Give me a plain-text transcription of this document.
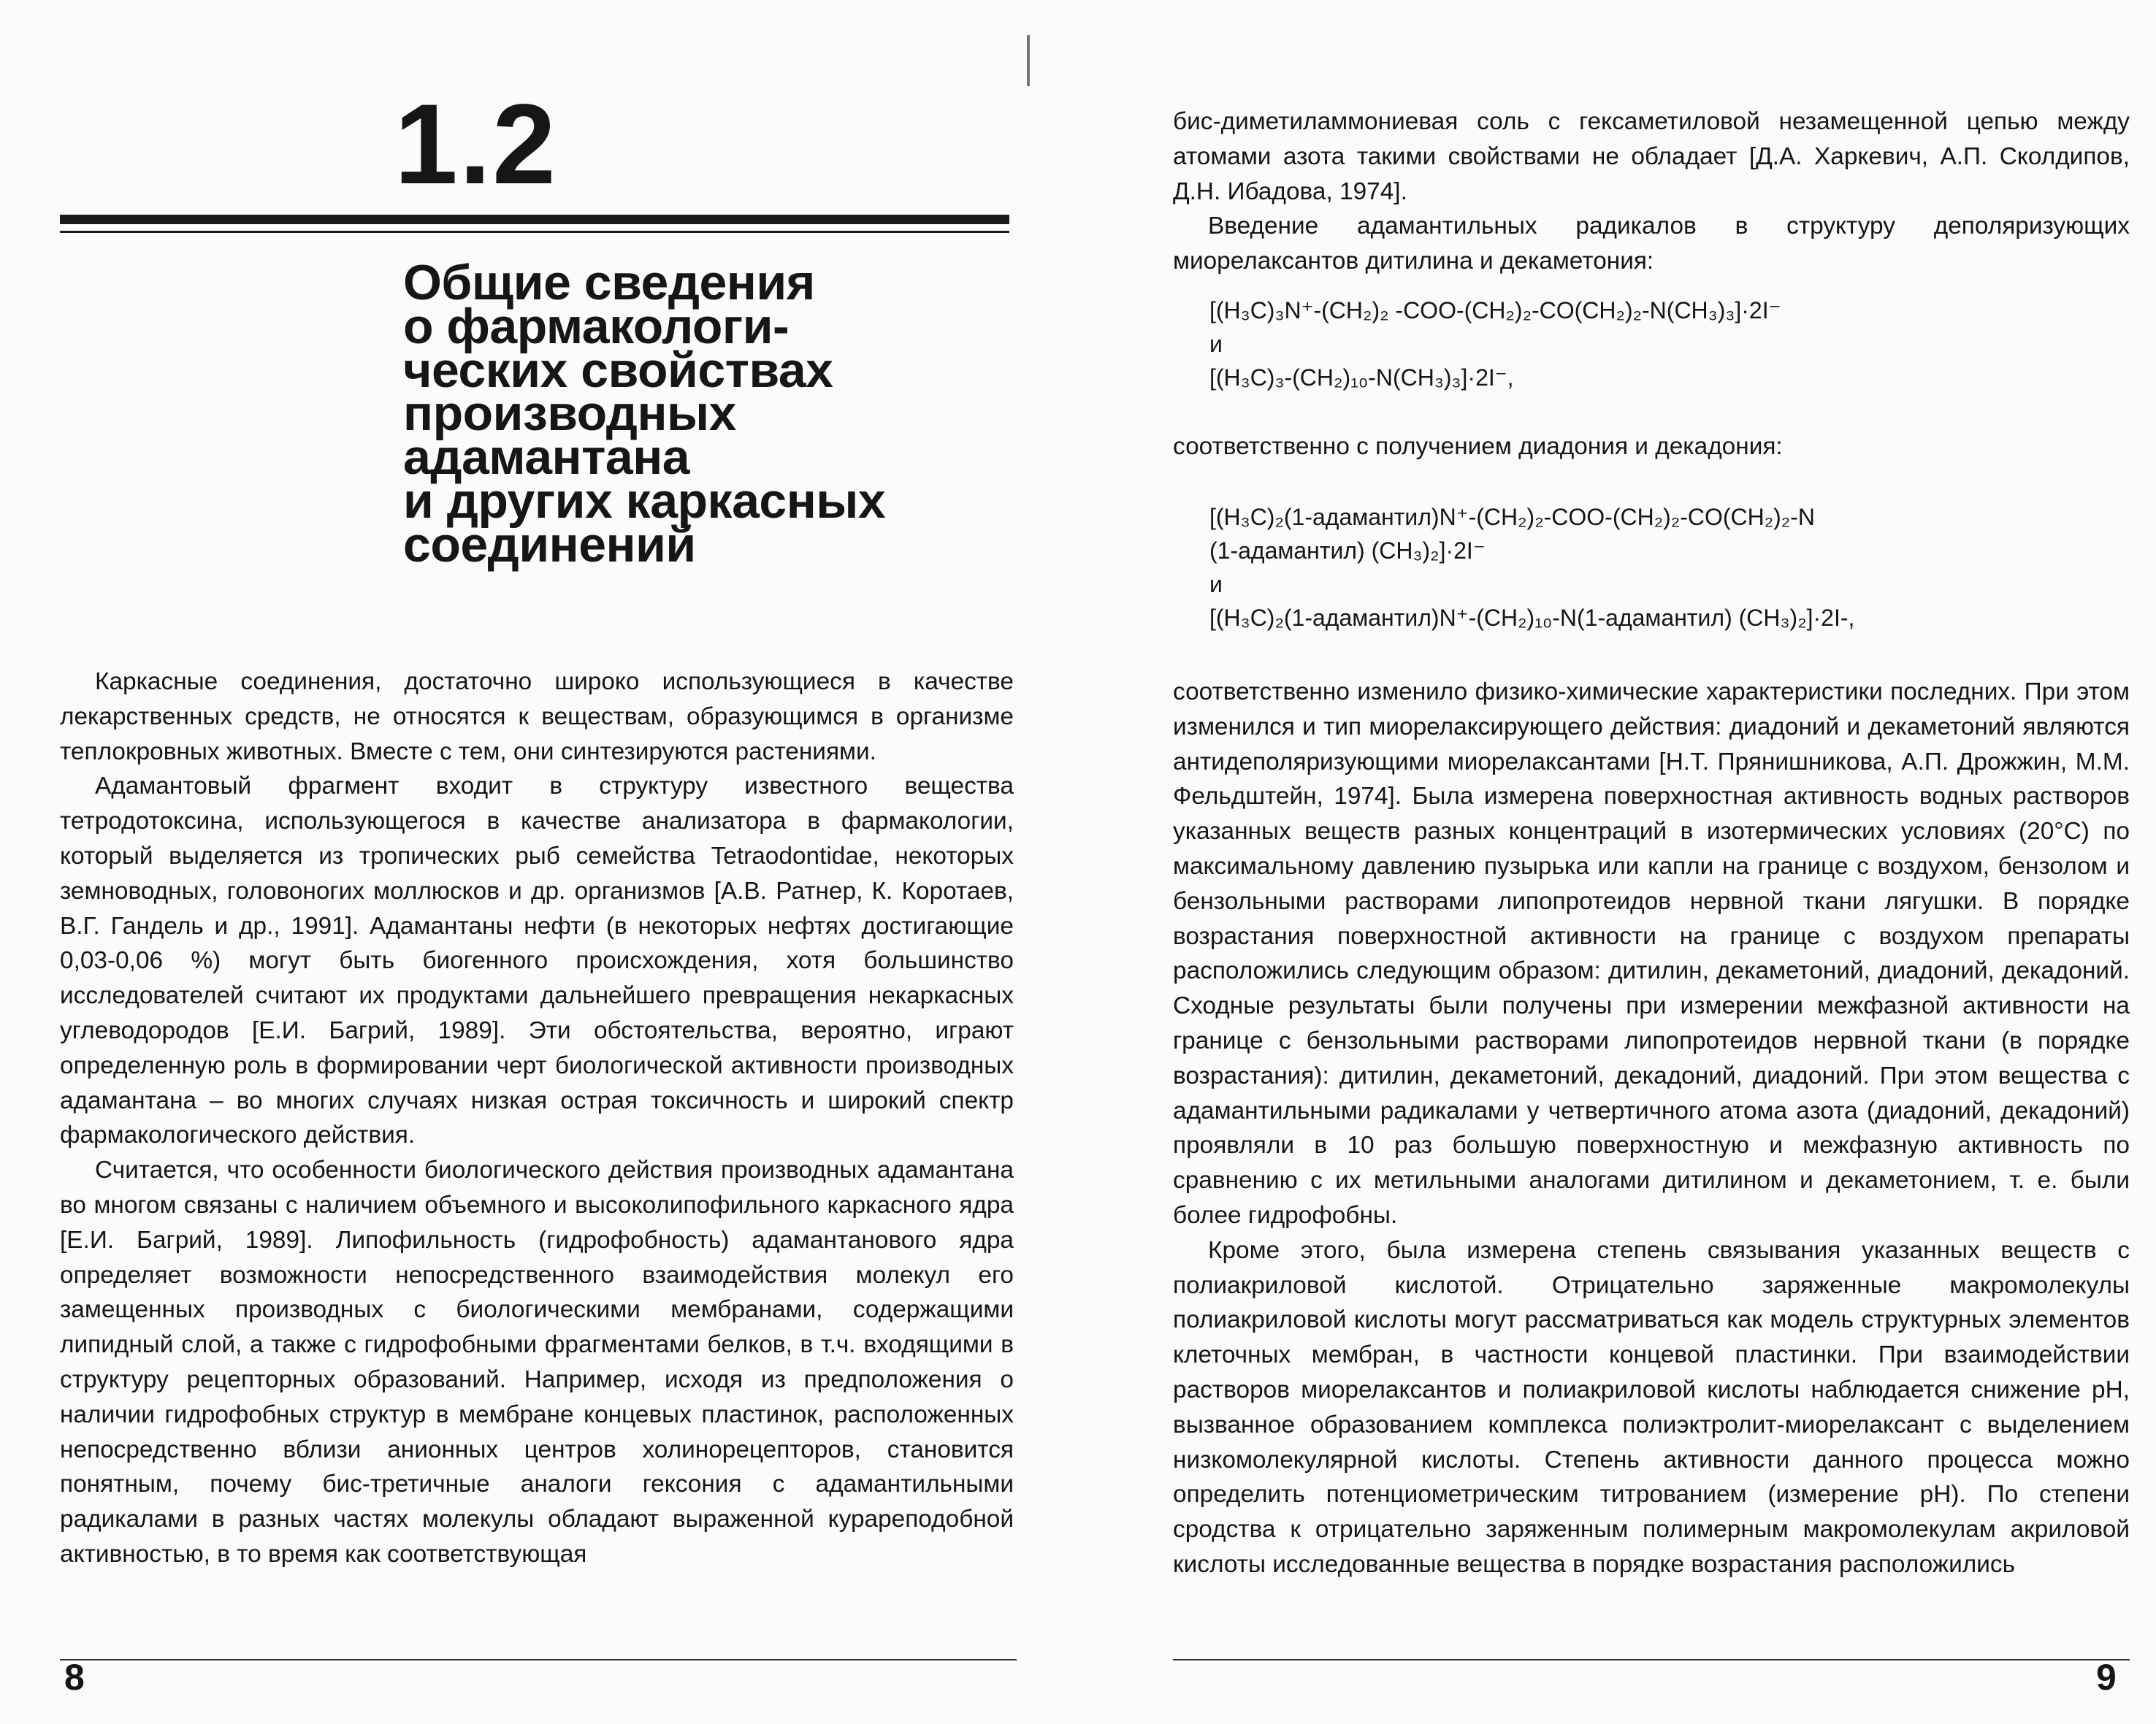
1.2
Общие сведения
о фармакологи-
ческих свойствах
производных
адамантана
и других каркасных
соединений

Каркасные соединения, достаточно широко использующиеся в качестве лекарственных средств, не относятся к веществам, образующимся в организме теплокровных животных. Вместе с тем, они синтезируются растениями.

Адамантовый фрагмент входит в структуру известного вещества тетродотоксина, использующегося в качестве анализатора в фармакологии, который выделяется из тропических рыб семейства Tetraodontidae, некоторых земноводных, головоногих моллюсков и др. организмов [А.В. Ратнер, К. Коротаев, В.Г. Гандель и др., 1991]. Адамантаны нефти (в некоторых нефтях достигающие 0,03-0,06 %) могут быть биогенного происхождения, хотя большинство исследователей считают их продуктами дальнейшего превращения некаркасных углеводородов [Е.И. Багрий, 1989]. Эти обстоятельства, вероятно, играют определенную роль в формировании черт биологической активности производных адамантана – во многих случаях низкая острая токсичность и широкий спектр фармакологического действия.

Считается, что особенности биологического действия производных адамантана во многом связаны с наличием объемного и высоколипофильного каркасного ядра [Е.И. Багрий, 1989]. Липофильность (гидрофобность) адамантанового ядра определяет возможности непосредственного взаимодействия молекул его замещенных производных с биологическими мембранами, содержащими липидный слой, а также с гидрофобными фрагментами белков, в т.ч. входящими в структуру рецепторных образований. Например, исходя из предположения о наличии гидрофобных структур в мембране концевых пластинок, расположенных непосредственно вблизи анионных центров холинорецепторов, становится понятным, почему бис-третичные аналоги гексония с адамантильными радикалами в разных частях молекулы обладают выраженной курареподобной активностью, в то время как соответствующая

8

бис-диметиламмониевая соль с гексаметиловой незамещенной цепью между атомами азота такими свойствами не обладает [Д.А. Харкевич, А.П. Сколдипов, Д.Н. Ибадова, 1974].

Введение адамантильных радикалов в структуру деполяризующих миорелаксантов дитилина и декаметония:

[(H₃C)₃N⁺-(CH₂)₂ -COO-(CH₂)₂-CO(CH₂)₂-N(CH₃)₃]·2I⁻
и
[(H₃C)₃-(CH₂)₁₀-N(CH₃)₃]·2I⁻,

соответственно с получением диадония и декадония:

[(H₃C)₂(1-адамантил)N⁺-(CH₂)₂-COO-(CH₂)₂-CO(CH₂)₂-N
(1-адамантил) (CH₃)₂]·2I⁻
и
[(H₃C)₂(1-адамантил)N⁺-(CH₂)₁₀-N(1-адамантил) (CH₃)₂]·2I-,

соответственно изменило физико-химические характеристики последних. При этом изменился и тип миорелаксирующего действия: диадоний и декаметоний являются антидеполяризующими миорелаксантами [Н.Т. Прянишникова, А.П. Дрожжин, М.М. Фельдштейн, 1974]. Была измерена поверхностная активность водных растворов указанных веществ разных концентраций в изотермических условиях (20°С) по максимальному давлению пузырька или капли на границе с воздухом, бензолом и бензольными растворами липопротеидов нервной ткани лягушки. В порядке возрастания поверхностной активности на границе с воздухом препараты расположились следующим образом: дитилин, декаметоний, диадоний, декадоний. Сходные результаты были получены при измерении межфазной активности на границе с бензольными растворами липопротеидов нервной ткани (в порядке возрастания): дитилин, декаметоний, декадоний, диадоний. При этом вещества с адамантильными радикалами у четвертичного атома азота (диадоний, декадоний) проявляли в 10 раз большую поверхностную и межфазную активность по сравнению с их метильными аналогами дитилином и декаметонием, т. е. были более гидрофобны.

Кроме этого, была измерена степень связывания указанных веществ с полиакриловой кислотой. Отрицательно заряженные макромолекулы полиакриловой кислоты могут рассматриваться как модель структурных элементов клеточных мембран, в частности концевой пластинки. При взаимодействии растворов миорелаксантов и полиакриловой кислоты наблюдается снижение рН, вызванное образованием комплекса полиэктролит-миорелаксант с выделением низкомолекулярной кислоты. Степень активности данного процесса можно определить потенциометрическим титрованием (измерение рН). По степени сродства к отрицательно заряженным полимерным макромолекулам акриловой кислоты исследованные вещества в порядке возрастания расположились

9
